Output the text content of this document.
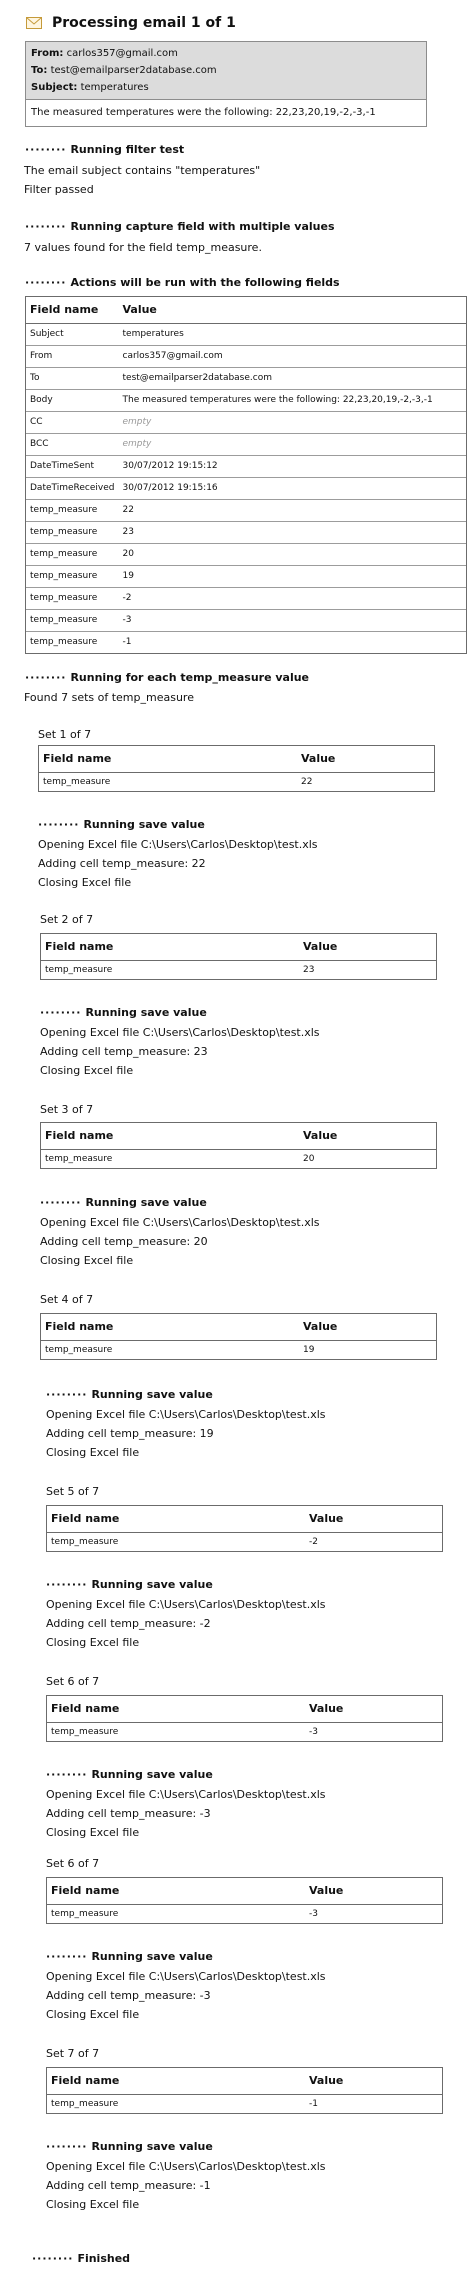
Processing email 1 of 1
From: carlos357@gmail.com
To: test@emailparser2database.com
Subject: temperatures
The measured temperatures were the following: 22,23,20,19,-2,-3,-1
········ Running filter test
The email subject contains "temperatures"
Filter passed
········ Running capture field with multiple values
7 values found for the field temp_measure.
········ Actions will be run with the following fields
Field name	Value
Subject	temperatures
From	carlos357@gmail.com
To	test@emailparser2database.com
Body	The measured temperatures were the following: 22,23,20,19,-2,-3,-1
CC	empty
BCC	empty
DateTimeSent	30/07/2012 19:15:12
DateTimeReceived	30/07/2012 19:15:16
temp_measure	22
temp_measure	23
temp_measure	20
temp_measure	19
temp_measure	-2
temp_measure	-3
temp_measure	-1
········ Running for each temp_measure value
Found 7 sets of temp_measure
Set 1 of 7
Field name	Value
temp_measure	22
········ Running save value
Opening Excel file C:\Users\Carlos\Desktop\test.xls
Adding cell temp_measure: 22
Closing Excel file
Set 2 of 7
Field name	Value
temp_measure	23
········ Running save value
Opening Excel file C:\Users\Carlos\Desktop\test.xls
Adding cell temp_measure: 23
Closing Excel file
Set 3 of 7
Field name	Value
temp_measure	20
········ Running save value
Opening Excel file C:\Users\Carlos\Desktop\test.xls
Adding cell temp_measure: 20
Closing Excel file
Set 4 of 7
Field name	Value
temp_measure	19
········ Running save value
Opening Excel file C:\Users\Carlos\Desktop\test.xls
Adding cell temp_measure: 19
Closing Excel file
Set 5 of 7
Field name	Value
temp_measure	-2
········ Running save value
Opening Excel file C:\Users\Carlos\Desktop\test.xls
Adding cell temp_measure: -2
Closing Excel file
Set 6 of 7
Field name	Value
temp_measure	-3
········ Running save value
Opening Excel file C:\Users\Carlos\Desktop\test.xls
Adding cell temp_measure: -3
Closing Excel file
Set 6 of 7
Field name	Value
temp_measure	-3
········ Running save value
Opening Excel file C:\Users\Carlos\Desktop\test.xls
Adding cell temp_measure: -3
Closing Excel file
Set 7 of 7
Field name	Value
temp_measure	-1
········ Running save value
Opening Excel file C:\Users\Carlos\Desktop\test.xls
Adding cell temp_measure: -1
Closing Excel file
········ Finished
